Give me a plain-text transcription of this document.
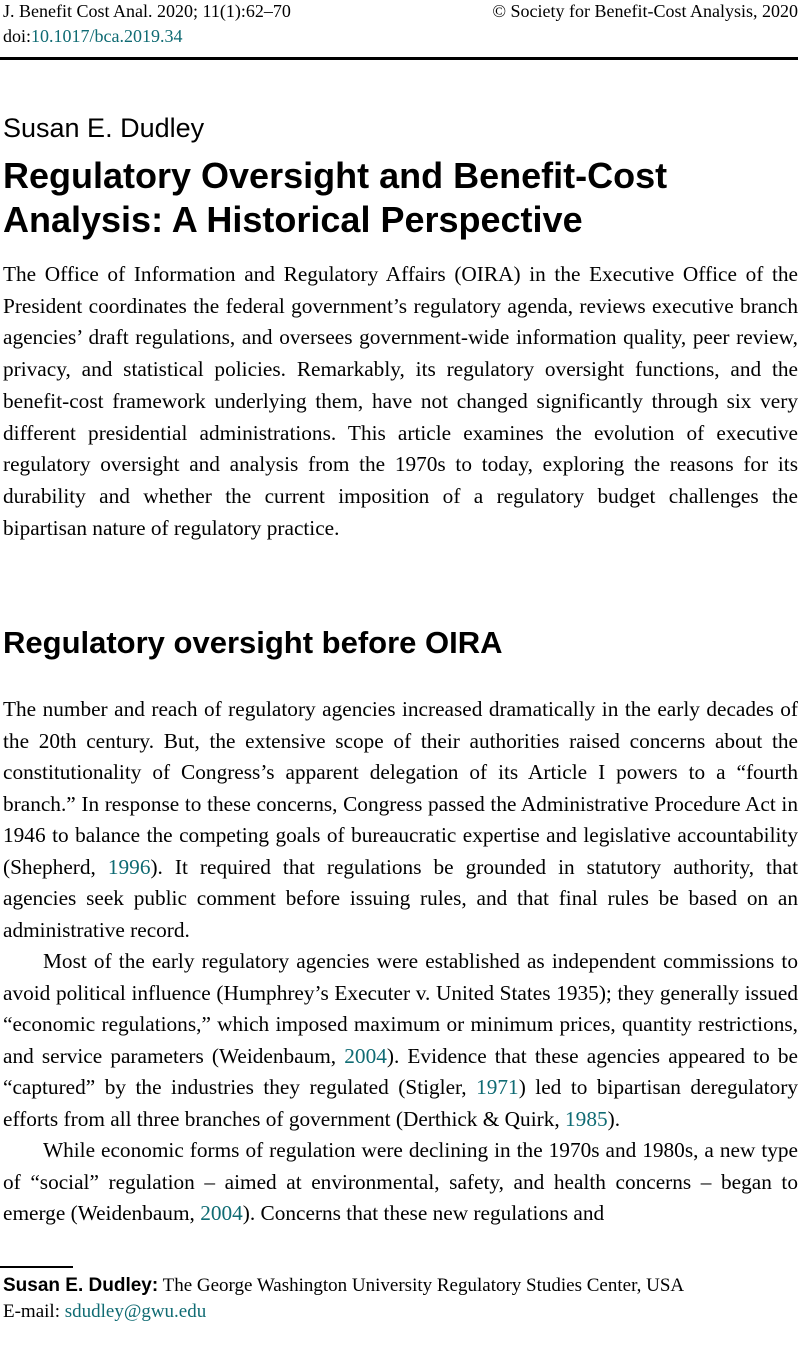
J. Benefit Cost Anal. 2020; 11(1):62–70	© Society for Benefit-Cost Analysis, 2020
doi:10.1017/bca.2019.34
Susan E. Dudley
Regulatory Oversight and Benefit-Cost Analysis: A Historical Perspective
The Office of Information and Regulatory Affairs (OIRA) in the Executive Office of the President coordinates the federal government’s regulatory agenda, reviews executive branch agencies’ draft regulations, and oversees government-wide information quality, peer review, privacy, and statistical policies. Remarkably, its regulatory oversight functions, and the benefit-cost framework underlying them, have not changed significantly through six very different presidential administrations. This article examines the evolution of executive regulatory oversight and analysis from the 1970s to today, exploring the reasons for its durability and whether the current imposition of a regulatory budget challenges the bipartisan nature of regulatory practice.
Regulatory oversight before OIRA

The number and reach of regulatory agencies increased dramatically in the early decades of the 20th century. But, the extensive scope of their authorities raised concerns about the constitutionality of Congress’s apparent delegation of its Article I powers to a “fourth branch.” In response to these concerns, Congress passed the Administrative Procedure Act in 1946 to balance the competing goals of bureaucratic expertise and legislative accountability (Shepherd, 1996). It required that regulations be grounded in statutory authority, that agencies seek public comment before issuing rules, and that final rules be based on an administrative record.

Most of the early regulatory agencies were established as independent commissions to avoid political influence (Humphrey’s Executer v. United States 1935); they generally issued “economic regulations,” which imposed maximum or minimum prices, quantity restrictions, and service parameters (Weidenbaum, 2004). Evidence that these agencies appeared to be “captured” by the industries they regulated (Stigler, 1971) led to bipartisan deregulatory efforts from all three branches of government (Derthick & Quirk, 1985).

While economic forms of regulation were declining in the 1970s and 1980s, a new type of “social” regulation – aimed at environmental, safety, and health concerns – began to emerge (Weidenbaum, 2004). Concerns that these new regulations and

Susan E. Dudley: The George Washington University Regulatory Studies Center, USA
E-mail: sdudley@gwu.edu
